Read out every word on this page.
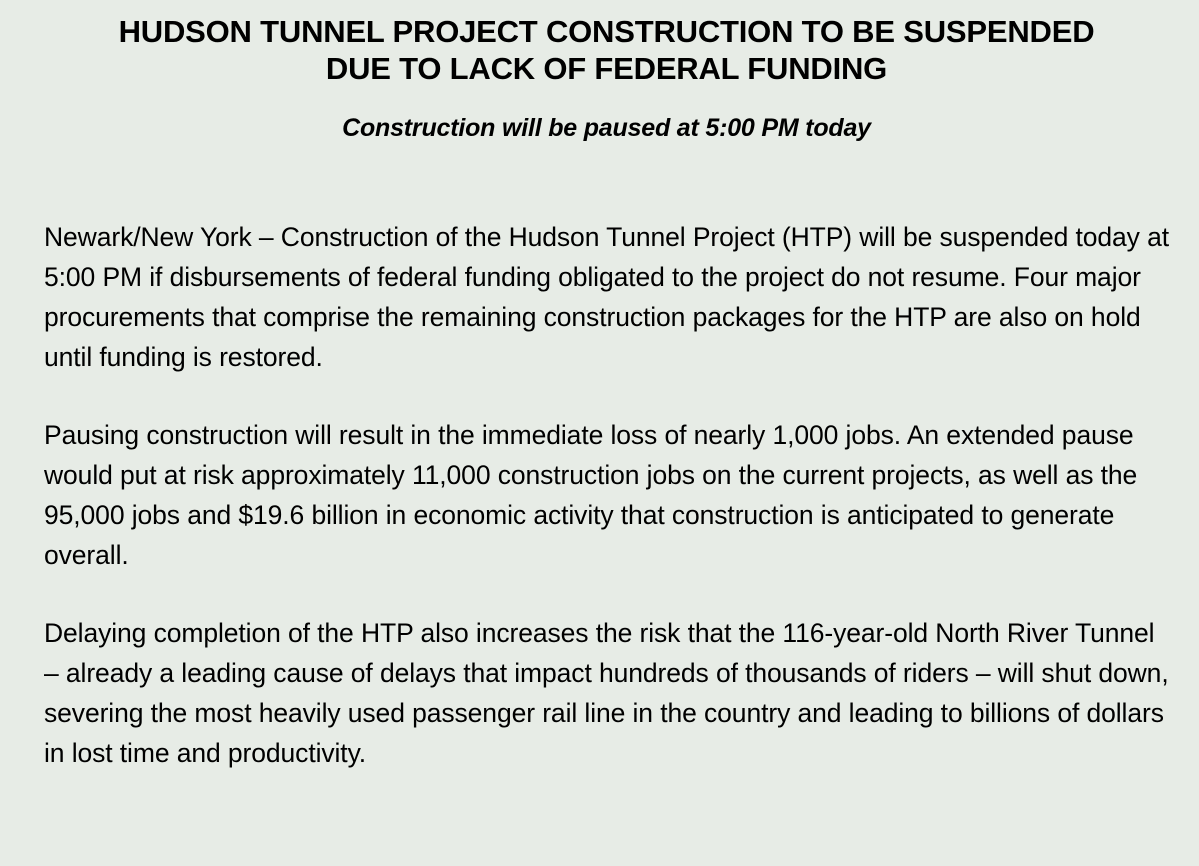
HUDSON TUNNEL PROJECT CONSTRUCTION TO BE SUSPENDED DUE TO LACK OF FEDERAL FUNDING
Construction will be paused at 5:00 PM today

Newark/New York – Construction of the Hudson Tunnel Project (HTP) will be suspended today at 5:00 PM if disbursements of federal funding obligated to the project do not resume. Four major procurements that comprise the remaining construction packages for the HTP are also on hold until funding is restored.

Pausing construction will result in the immediate loss of nearly 1,000 jobs. An extended pause would put at risk approximately 11,000 construction jobs on the current projects, as well as the 95,000 jobs and $19.6 billion in economic activity that construction is anticipated to generate overall.

Delaying completion of the HTP also increases the risk that the 116-year-old North River Tunnel – already a leading cause of delays that impact hundreds of thousands of riders – will shut down, severing the most heavily used passenger rail line in the country and leading to billions of dollars in lost time and productivity.
